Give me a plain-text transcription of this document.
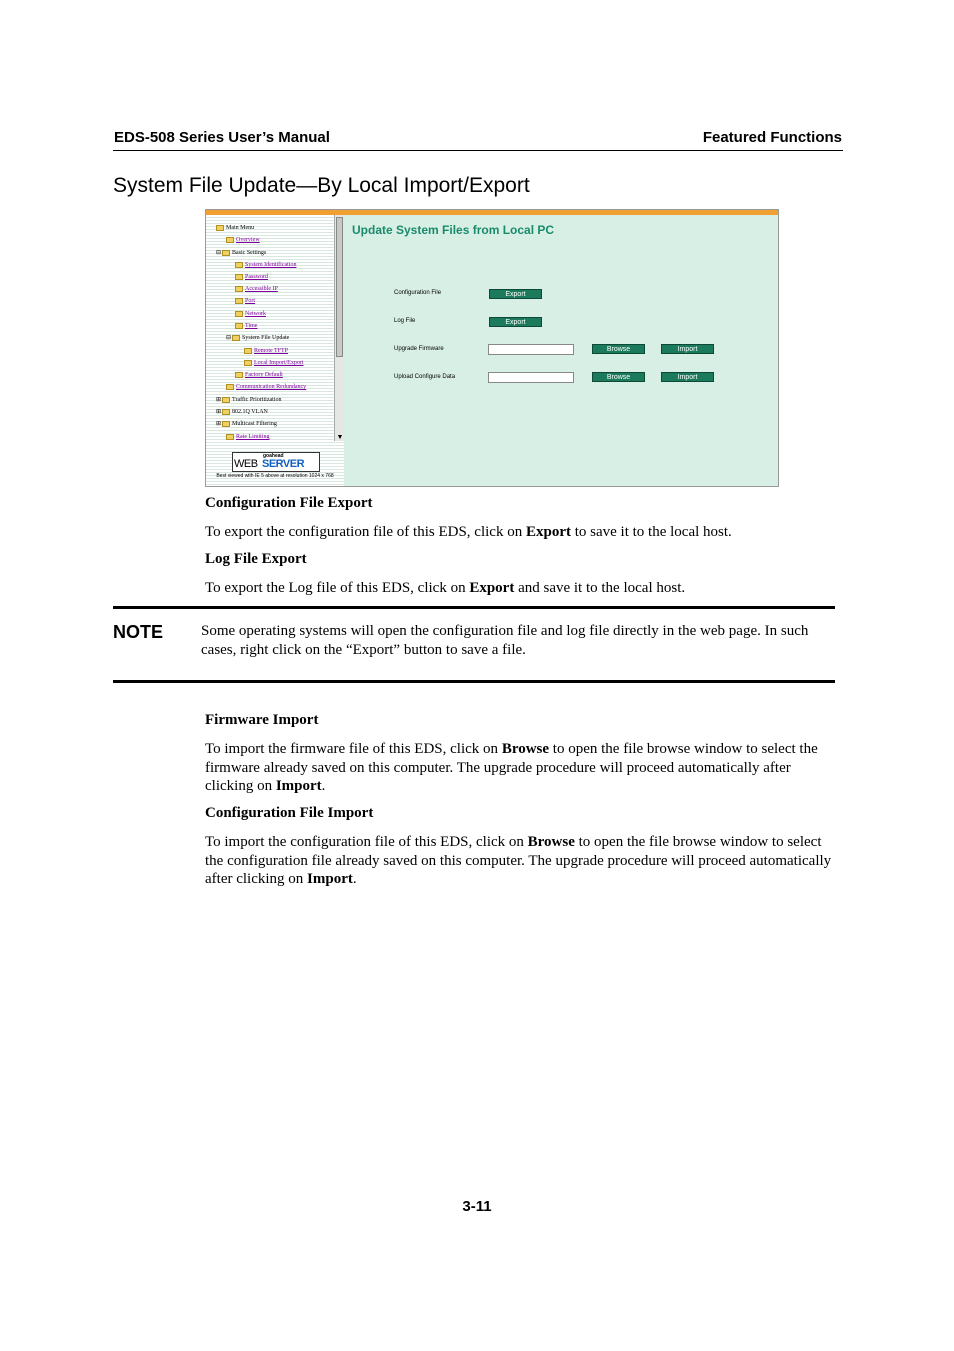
EDS-508 Series User’s Manual	Featured Functions
System File Update—By Local Import/Export
Main Menu
Overview
⊟ Basic Settings
System Identification
Password
Accessible IP
Port
Network
Time
⊟ System File Update
Remote TFTP
Local Import/Export
Factory Default
Communication Redundancy
⊞ Traffic Prioritization
⊞ 802.1Q VLAN
⊞ Multicast Filtering
Rate Limiting
goahead
WEB SERVER
Best viewed with IE 5 above at resolution 1024 x 768
▼
Update System Files from Local PC
Configuration File	Export
Log File	Export
Upgrade Firmware	Browse	Import
Upload Configure Data	Browse	Import
Configuration File Export
To export the configuration file of this EDS, click on Export to save it to the local host.
Log File Export
To export the Log file of this EDS, click on Export and save it to the local host.
NOTE	Some operating systems will open the configuration file and log file directly in the web page. In such cases, right click on the “Export” button to save a file.
Firmware Import
To import the firmware file of this EDS, click on Browse to open the file browse window to select the firmware already saved on this computer. The upgrade procedure will proceed automatically after clicking on Import.
Configuration File Import
To import the configuration file of this EDS, click on Browse to open the file browse window to select the configuration file already saved on this computer. The upgrade procedure will proceed automatically after clicking on Import.
3-11
